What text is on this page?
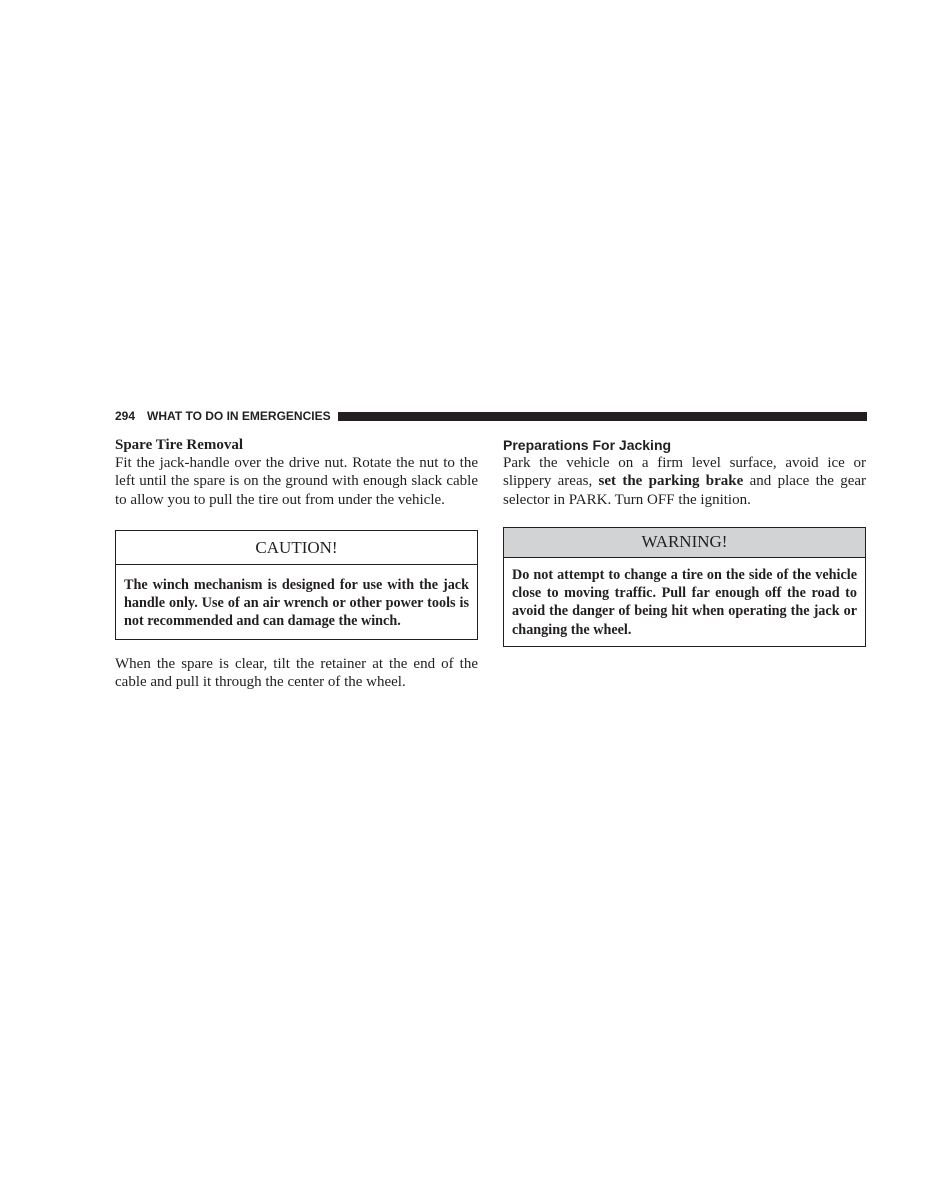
294 WHAT TO DO IN EMERGENCIES
Spare Tire Removal

Fit the jack-handle over the drive nut. Rotate the nut to the left until the spare is on the ground with enough slack cable to allow you to pull the tire out from under the vehicle.

CAUTION!
The winch mechanism is designed for use with the jack handle only. Use of an air wrench or other power tools is not recommended and can damage the winch.

When the spare is clear, tilt the retainer at the end of the cable and pull it through the center of the wheel.

Preparations For Jacking

Park the vehicle on a firm level surface, avoid ice or slippery areas, set the parking brake and place the gear selector in PARK. Turn OFF the ignition.

WARNING!
Do not attempt to change a tire on the side of the vehicle close to moving traffic. Pull far enough off the road to avoid the danger of being hit when operating the jack or changing the wheel.
